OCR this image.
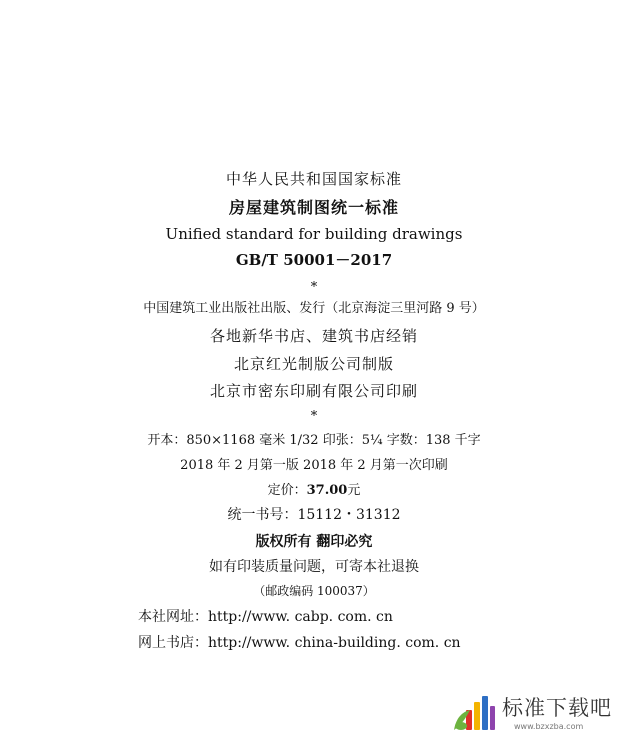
中华人民共和国国家标准
房屋建筑制图统一标准
Unified standard for building drawings
GB/T 50001－2017
*
中国建筑工业出版社出版、发行（北京海淀三里河路 9 号）
各地新华书店、建筑书店经销
北京红光制版公司制版
北京市密东印刷有限公司印刷
*
开本：850×1168 毫米 1/32 印张：5¼ 字数：138 千字
2018 年 2 月第一版 2018 年 2 月第一次印刷
定价：37.00元
统一书号：15112・31312
版权所有 翻印必究
如有印装质量问题，可寄本社退换
（邮政编码 100037）
本社网址：http://www. cabp. com. cn
网上书店：http://www. china-building. com. cn
标准下载吧
www.bzxzba.com
